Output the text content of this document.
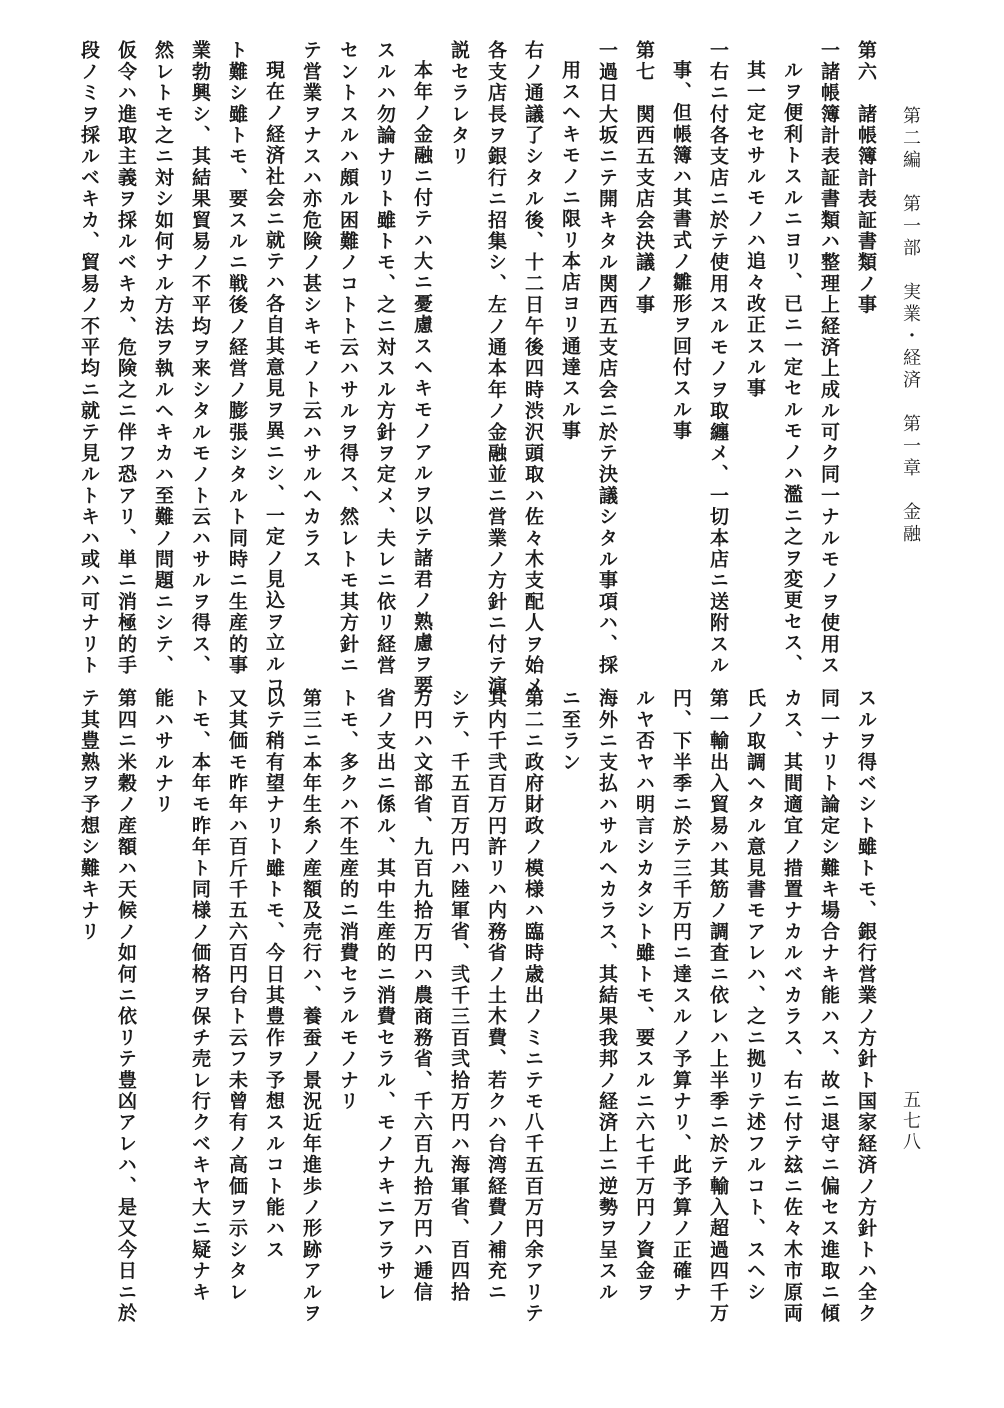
第二編　第一部　実業・経済　第一章　金融
五七八
第六　諸帳簿計表証書類ノ事
一諸帳簿計表証書類ハ整理上経済上成ル可ク同一ナルモノヲ使用ス
ルヲ便利トスルニヨリ、已ニ一定セルモノハ濫ニ之ヲ変更セス、
其一定セサルモノハ追々改正スル事
一右ニ付各支店ニ於テ使用スルモノヲ取纏メ、一切本店ニ送附スル
事、但帳簿ハ其書式ノ雛形ヲ回付スル事
第七　関西五支店会決議ノ事
一過日大坂ニテ開キタル関西五支店会ニ於テ決議シタル事項ハ、採
用スヘキモノニ限リ本店ヨリ通達スル事
右ノ通議了シタル後、十二日午後四時渋沢頭取ハ佐々木支配人ヲ始メ
各支店長ヲ銀行ニ招集シ、左ノ通本年ノ金融並ニ営業ノ方針ニ付テ演
説セラレタリ
本年ノ金融ニ付テハ大ニ憂慮スヘキモノアルヲ以テ諸君ノ熟慮ヲ要
スルハ勿論ナリト雖トモ、之ニ対スル方針ヲ定メ、夫レニ依リ経営
セントスルハ頗ル困難ノコトト云ハサルヲ得ス、然レトモ其方針ニ
テ営業ヲナスハ亦危険ノ甚シキモノト云ハサルヘカラス
現在ノ経済社会ニ就テハ各自其意見ヲ異ニシ、一定ノ見込ヲ立ルコ
ト難シ雖トモ、要スルニ戦後ノ経営ノ膨張シタルト同時ニ生産的事
業勃興シ、其結果貿易ノ不平均ヲ来シタルモノト云ハサルヲ得ス、
然レトモ之ニ対シ如何ナル方法ヲ執ルヘキカハ至難ノ問題ニシテ、
仮令ハ進取主義ヲ採ルベキカ、危険之ニ伴フ恐アリ、単ニ消極的手
段ノミヲ採ルベキカ、貿易ノ不平均ニ就テ見ルトキハ或ハ可ナリト
スルヲ得ベシト雖トモ、銀行営業ノ方針ト国家経済ノ方針トハ全ク
同一ナリト論定シ難キ場合ナキ能ハス、故ニ退守ニ偏セス進取ニ傾
カス、其間適宜ノ措置ナカルベカラス、右ニ付テ玆ニ佐々木市原両
氏ノ取調ヘタル意見書モアレハ、之ニ拠リテ述フルコト、スヘシ
第一輸出入貿易ハ其筋ノ調査ニ依レハ上半季ニ於テ輸入超過四千万
円、下半季ニ於テ三千万円ニ達スルノ予算ナリ、此予算ノ正確ナ
ルヤ否ヤハ明言シカタシト雖トモ、要スルニ六七千万円ノ資金ヲ
海外ニ支払ハサルヘカラス、其結果我邦ノ経済上ニ逆勢ヲ呈スル
ニ至ラン
第二ニ政府財政ノ模様ハ臨時歳出ノミニテモ八千五百万円余アリテ
其内千弐百万円許リハ内務省ノ土木費、若クハ台湾経費ノ補充ニ
シテ、千五百万円ハ陸軍省、弐千三百弐拾万円ハ海軍省、百四拾
万円ハ文部省、九百九拾万円ハ農商務省、千六百九拾万円ハ逓信
省ノ支出ニ係ル、其中生産的ニ消費セラル、モノナキニアラサレ
トモ、多クハ不生産的ニ消費セラルモノナリ
第三ニ本年生糸ノ産額及売行ハ、養蚕ノ景況近年進歩ノ形跡アルヲ
以テ稍有望ナリト雖トモ、今日其豊作ヲ予想スルコト能ハス
又其価モ昨年ハ百斤千五六百円台ト云フ未曾有ノ高価ヲ示シタレ
トモ、本年モ昨年ト同様ノ価格ヲ保チ売レ行クベキヤ大ニ疑ナキ
能ハサルナリ
第四ニ米穀ノ産額ハ天候ノ如何ニ依リテ豊凶アレハ、是又今日ニ於
テ其豊熟ヲ予想シ難キナリ
